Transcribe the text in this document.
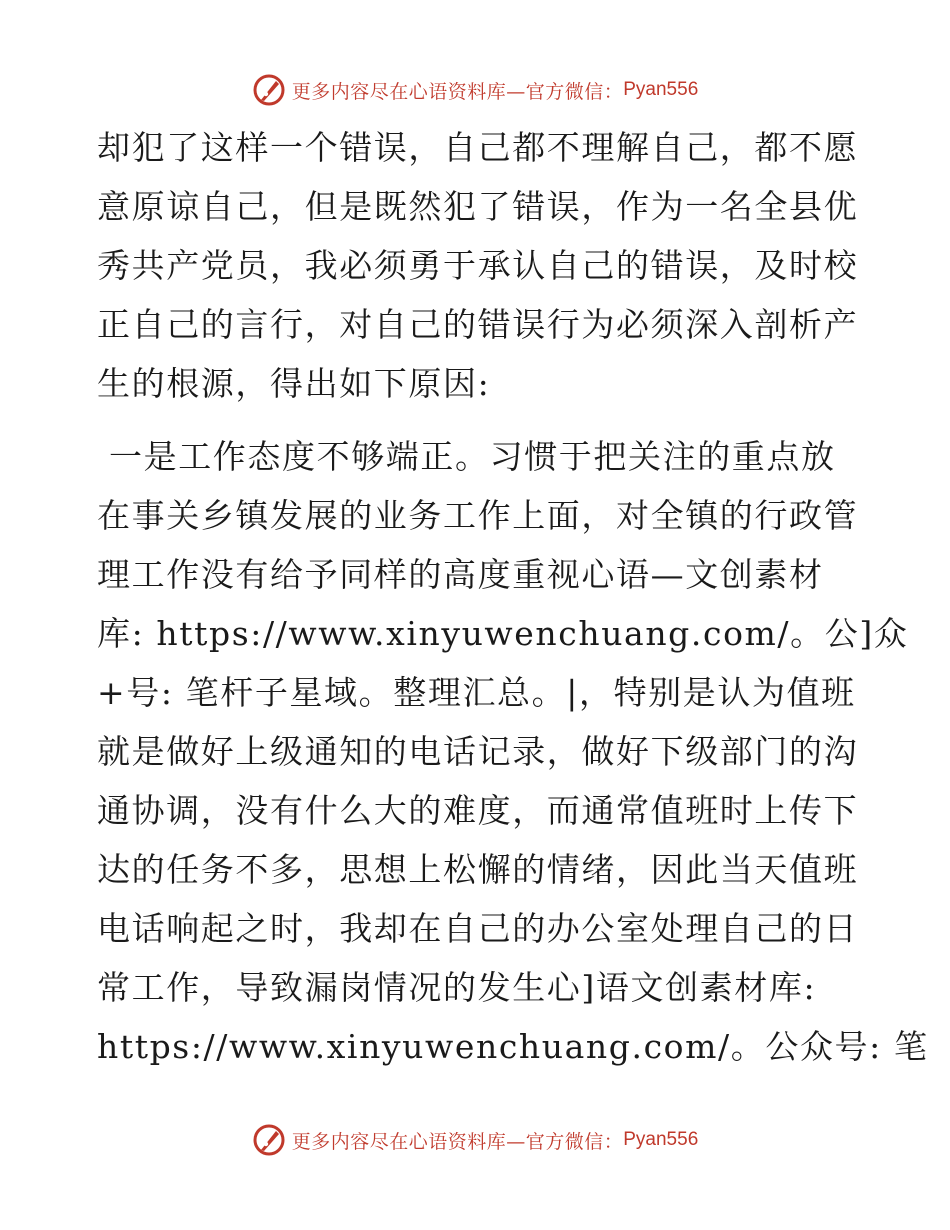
更多内容尽在心语资料库—官方微信： Pyan556

却犯了这样一个错误，自己都不理解自己，都不愿
意原谅自己，但是既然犯了错误，作为一名全县优
秀共产党员，我必须勇于承认自己的错误，及时校
正自己的言行，对自己的错误行为必须深入剖析产
生的根源，得出如下原因:

一是工作态度不够端正。习惯于把关注的重点放
在事关乡镇发展的业务工作上面，对全镇的行政管
理工作没有给予同样的高度重视心语—文创素材
库: https://www.xinyuwenchuang.com/。公]众
+号: 笔杆子星域。整理汇总。|，特别是认为值班
就是做好上级通知的电话记录，做好下级部门的沟
通协调，没有什么大的难度，而通常值班时上传下
达的任务不多，思想上松懈的情绪，因此当天值班
电话响起之时，我却在自己的办公室处理自己的日
常工作，导致漏岗情况的发生心]语文创素材库:
https://www.xinyuwenchuang.com/。公众号: 笔

更多内容尽在心语资料库—官方微信： Pyan556
